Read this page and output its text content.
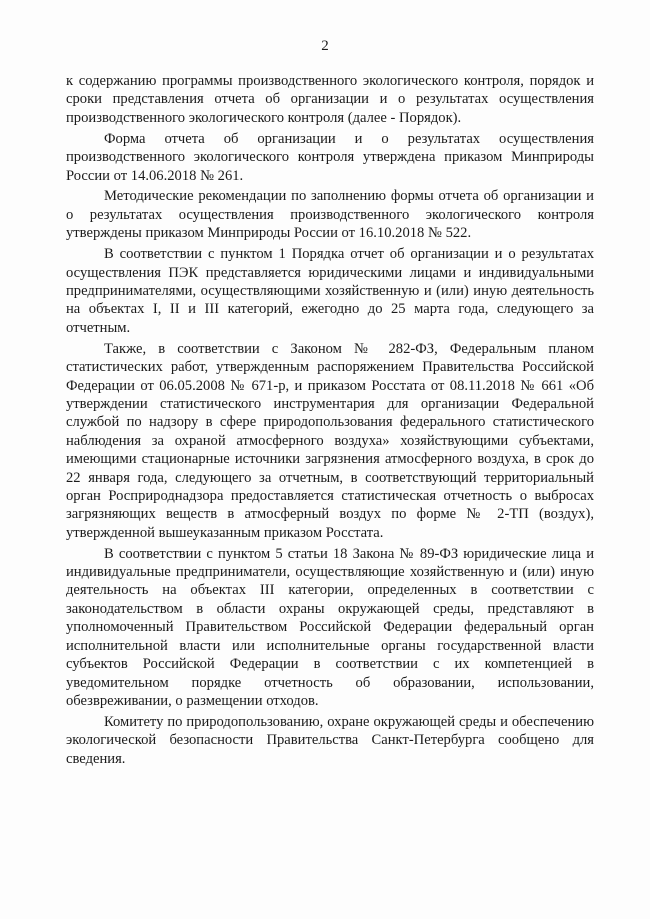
2

к содержанию программы производственного экологического контроля, порядок и сроки представления отчета об организации и о результатах осуществления производственного экологического контроля (далее - Порядок).

Форма отчета об организации и о результатах осуществления производственного экологического контроля утверждена приказом Минприроды России от 14.06.2018 № 261.

Методические рекомендации по заполнению формы отчета об организации и о результатах осуществления производственного экологического контроля утверждены приказом Минприроды России от 16.10.2018 № 522.

В соответствии с пунктом 1 Порядка отчет об организации и о результатах осуществления ПЭК представляется юридическими лицами и индивидуальными предпринимателями, осуществляющими хозяйственную и (или) иную деятельность на объектах I, II и III категорий, ежегодно до 25 марта года, следующего за отчетным.

Также, в соответствии с Законом № 282-ФЗ, Федеральным планом статистических работ, утвержденным распоряжением Правительства Российской Федерации от 06.05.2008 № 671-р, и приказом Росстата от 08.11.2018 № 661 «Об утверждении статистического инструментария для организации Федеральной службой по надзору в сфере природопользования федерального статистического наблюдения за охраной атмосферного воздуха» хозяйствующими субъектами, имеющими стационарные источники загрязнения атмосферного воздуха, в срок до 22 января года, следующего за отчетным, в соответствующий территориальный орган Росприроднадзора предоставляется статистическая отчетность о выбросах загрязняющих веществ в атмосферный воздух по форме № 2-ТП (воздух), утвержденной вышеуказанным приказом Росстата.

В соответствии с пунктом 5 статьи 18 Закона № 89-ФЗ юридические лица и индивидуальные предприниматели, осуществляющие хозяйственную и (или) иную деятельность на объектах III категории, определенных в соответствии с законодательством в области охраны окружающей среды, представляют в уполномоченный Правительством Российской Федерации федеральный орган исполнительной власти или исполнительные органы государственной власти субъектов Российской Федерации в соответствии с их компетенцией в уведомительном порядке отчетность об образовании, использовании, обезвреживании, о размещении отходов.

Комитету по природопользованию, охране окружающей среды и обеспечению экологической безопасности Правительства Санкт-Петербурга сообщено для сведения.
